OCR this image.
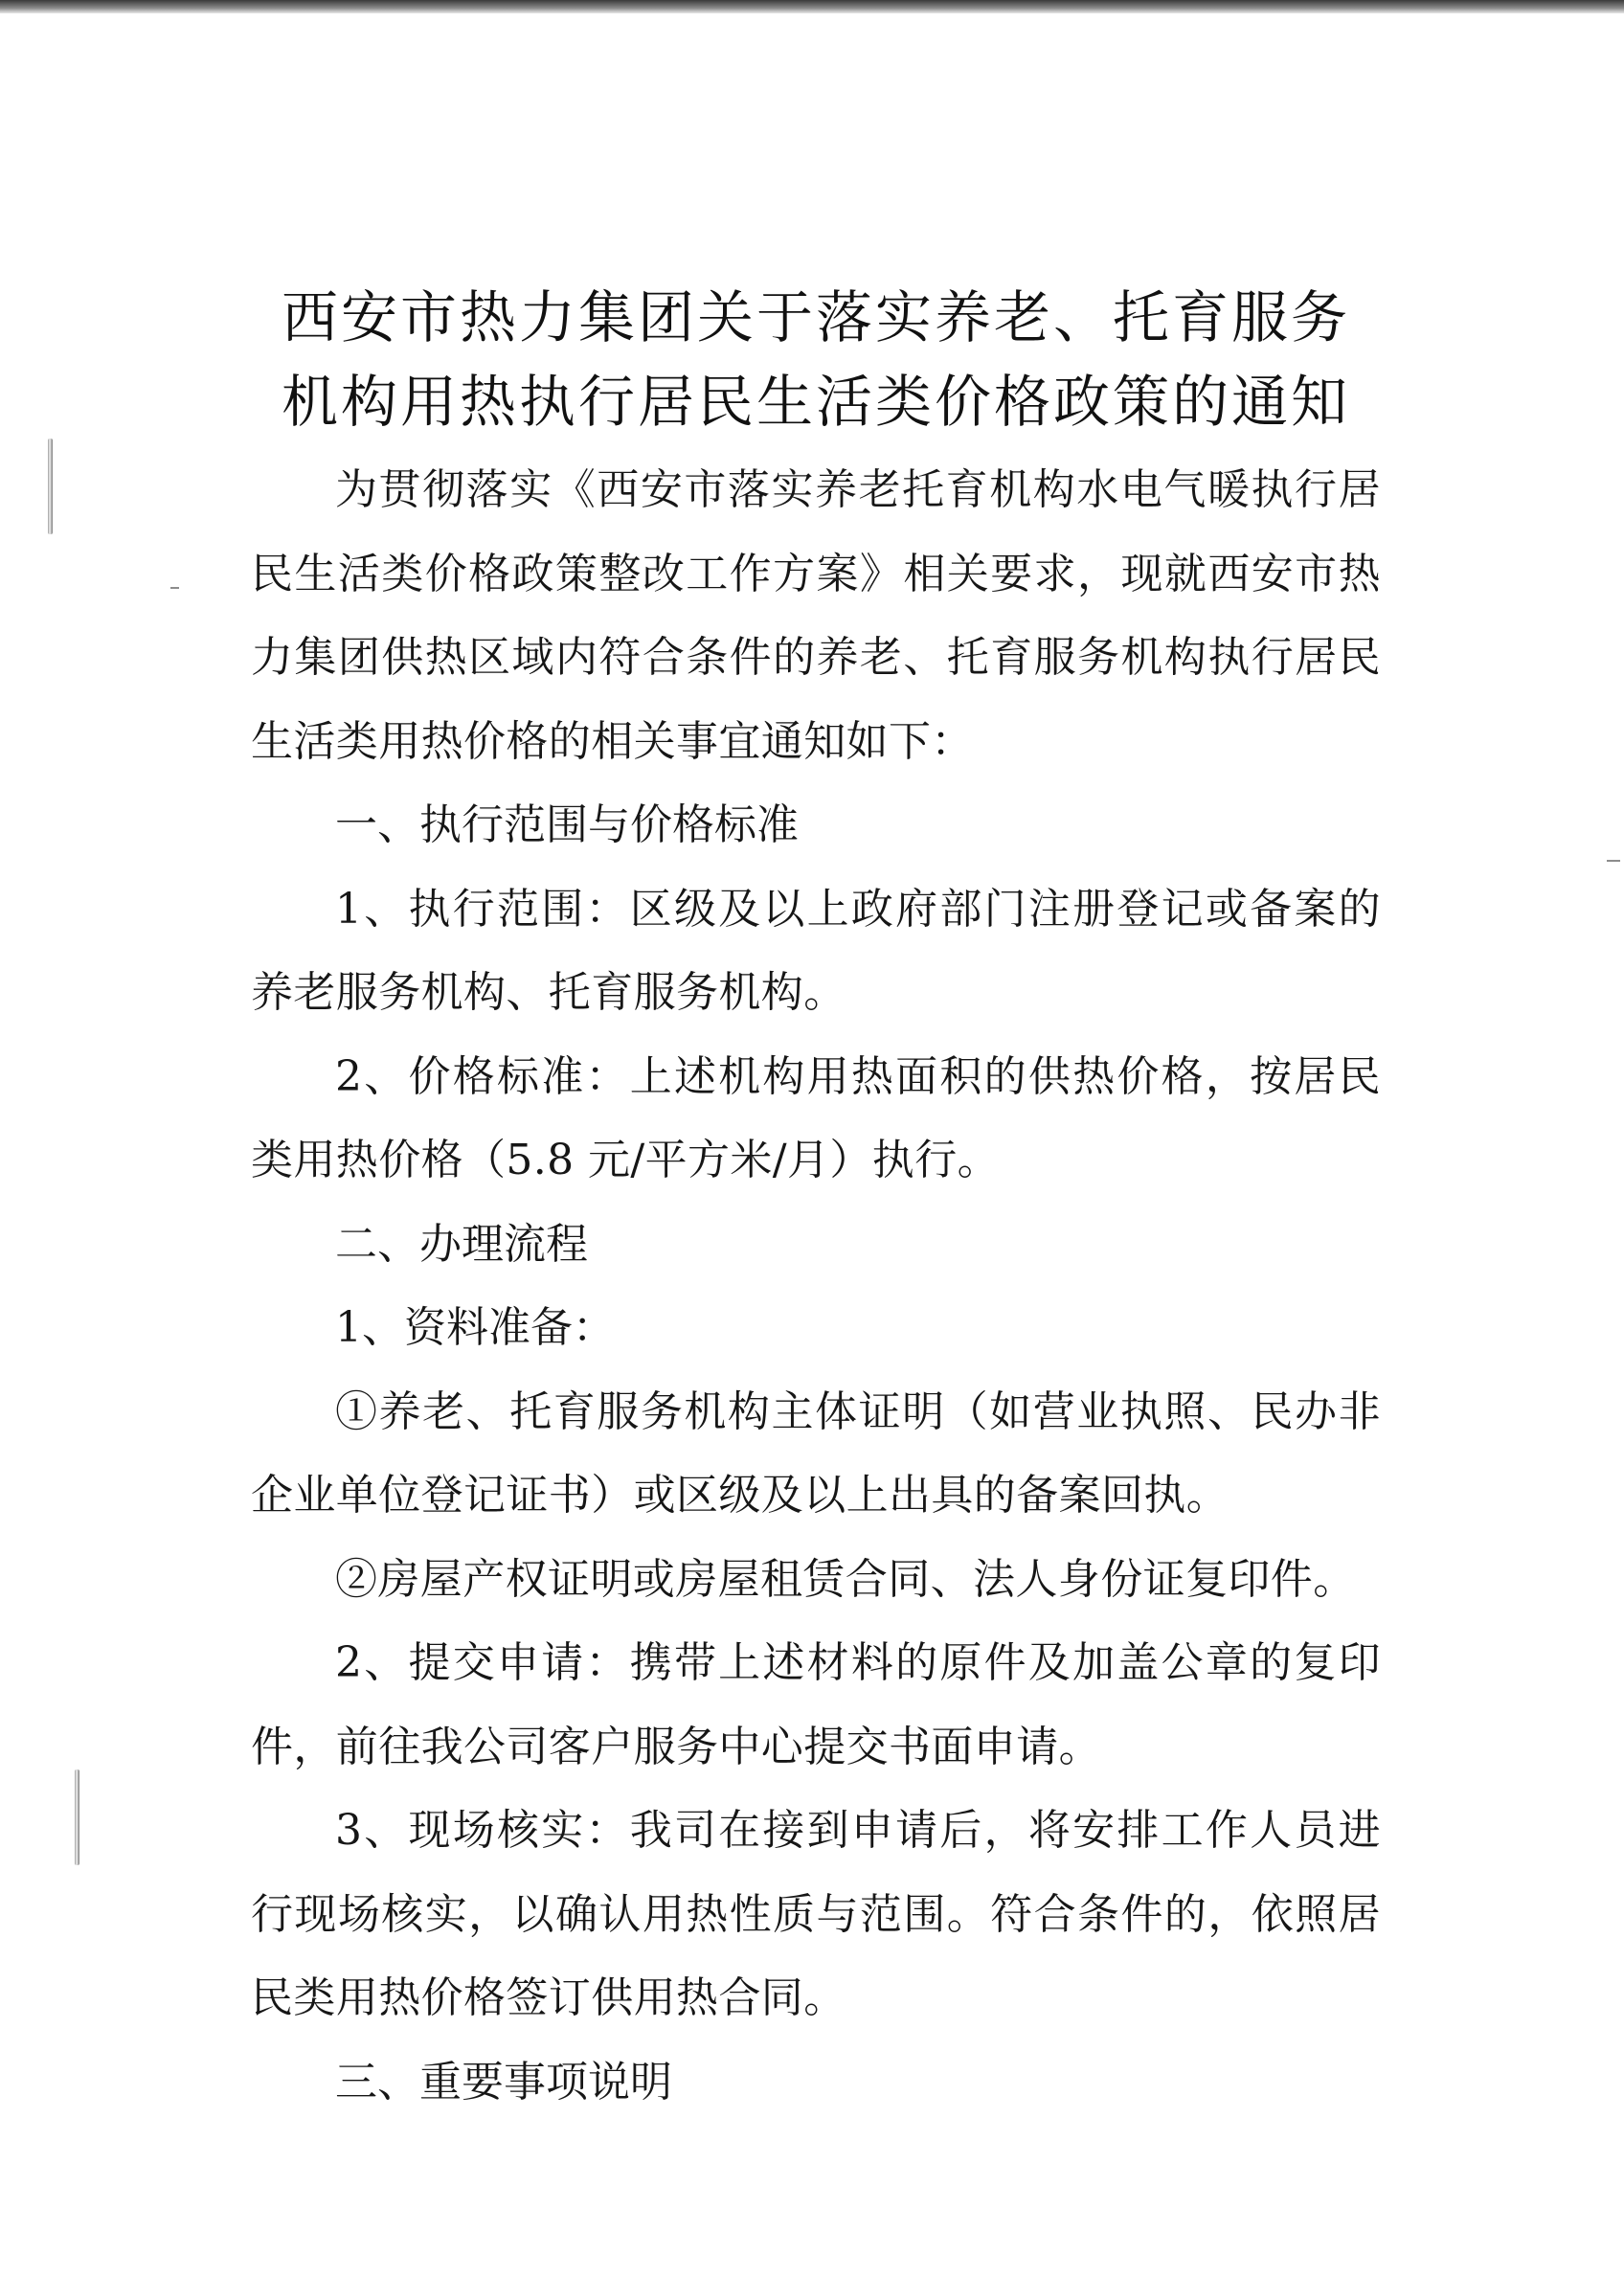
西安市热力集团关于落实养老、托育服务
机构用热执行居民生活类价格政策的通知

为贯彻落实《西安市落实养老托育机构水电气暖执行居民生活类价格政策整改工作方案》相关要求，现就西安市热力集团供热区域内符合条件的养老、托育服务机构执行居民生活类用热价格的相关事宜通知如下：

一、执行范围与价格标准

1、执行范围：区级及以上政府部门注册登记或备案的养老服务机构、托育服务机构。

2、价格标准：上述机构用热面积的供热价格，按居民类用热价格（5.8 元/平方米/月）执行。

二、办理流程

1、资料准备：

①养老、托育服务机构主体证明（如营业执照、民办非企业单位登记证书）或区级及以上出具的备案回执。

②房屋产权证明或房屋租赁合同、法人身份证复印件。

2、提交申请：携带上述材料的原件及加盖公章的复印件，前往我公司客户服务中心提交书面申请。

3、现场核实：我司在接到申请后，将安排工作人员进行现场核实，以确认用热性质与范围。符合条件的，依照居民类用热价格签订供用热合同。

三、重要事项说明
